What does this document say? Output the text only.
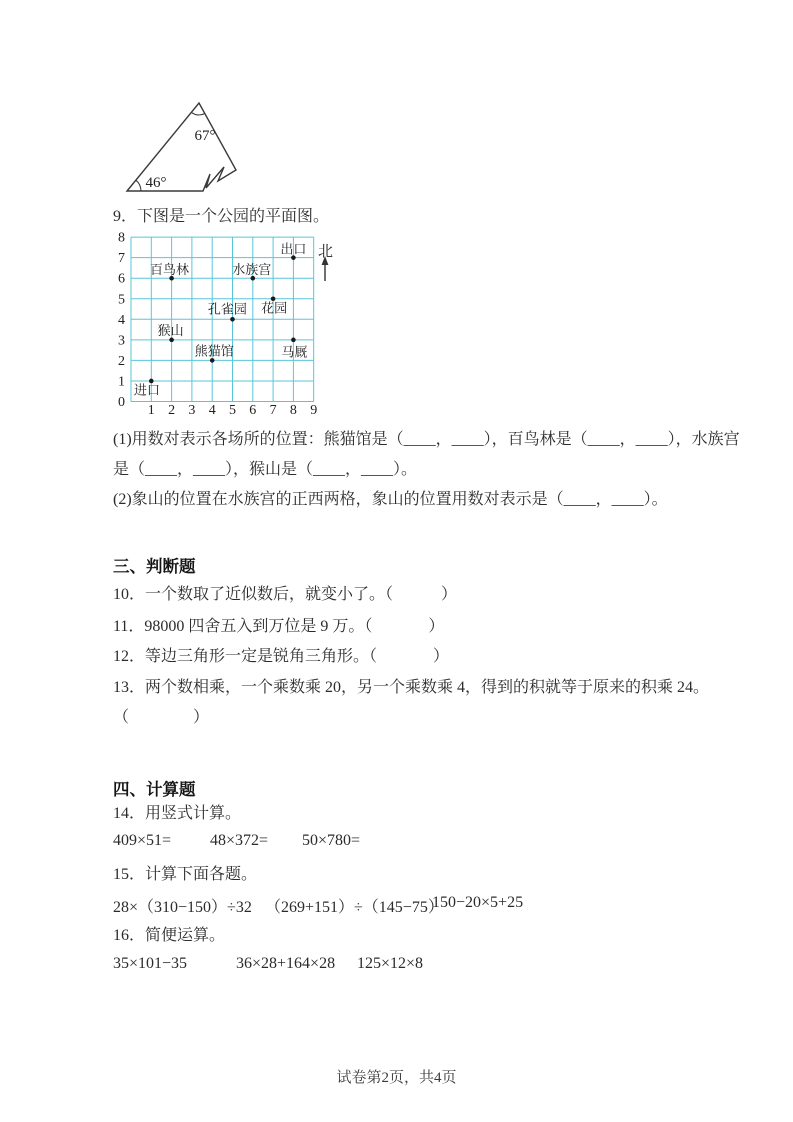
67°
46°
9．下图是一个公园的平面图。
0
1
2
3
4
5
6
7
8
1 2 3 4 5 6 7 8 9
进口
百鸟林
猴山
熊猫馆
孔雀园
水族宫
花园
出口
马厩
北
(1)用数对表示各场所的位置：熊猫馆是（____，____），百鸟林是（____，____），水族宫
是（____，____），猴山是（____，____）。
(2)象山的位置在水族宫的正西两格，象山的位置用数对表示是（____，____）。
三、判断题
10．一个数取了近似数后，就变小了。（            ）
11．98000 四舍五入到万位是 9 万。（              ）
12．等边三角形一定是锐角三角形。（              ）
13．两个数相乘，一个乘数乘 20，另一个乘数乘 4，得到的积就等于原来的积乘 24。
（                ）
四、计算题
14．用竖式计算。
409×51= 48×372= 50×780=
15．计算下面各题。
28×（310−150）÷32 （269+151）÷（145−75）
150−20×5+25
16．简便运算。
35×101−35	36×28+164×28 125×12×8
试卷第2页，共4页
